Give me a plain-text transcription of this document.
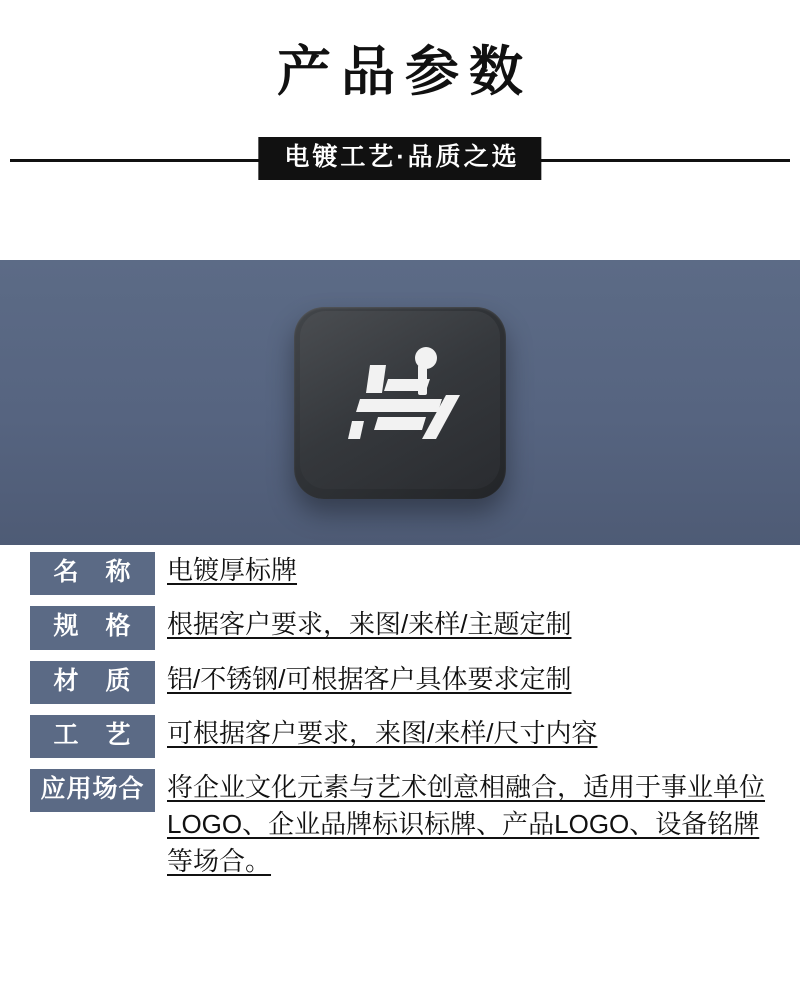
产品参数
电镀工艺·品质之选
名　称	电镀厚标牌
规　格	根据客户要求，来图/来样/主题定制
材　质	铝/不锈钢/可根据客户具体要求定制
工　艺	可根据客户要求，来图/来样/尺寸内容
应用场合 将企业文化元素与艺术创意相融合，适用于事业单位LOGO、企业品牌标识标牌、产品LOGO、设备铭牌等场合。
